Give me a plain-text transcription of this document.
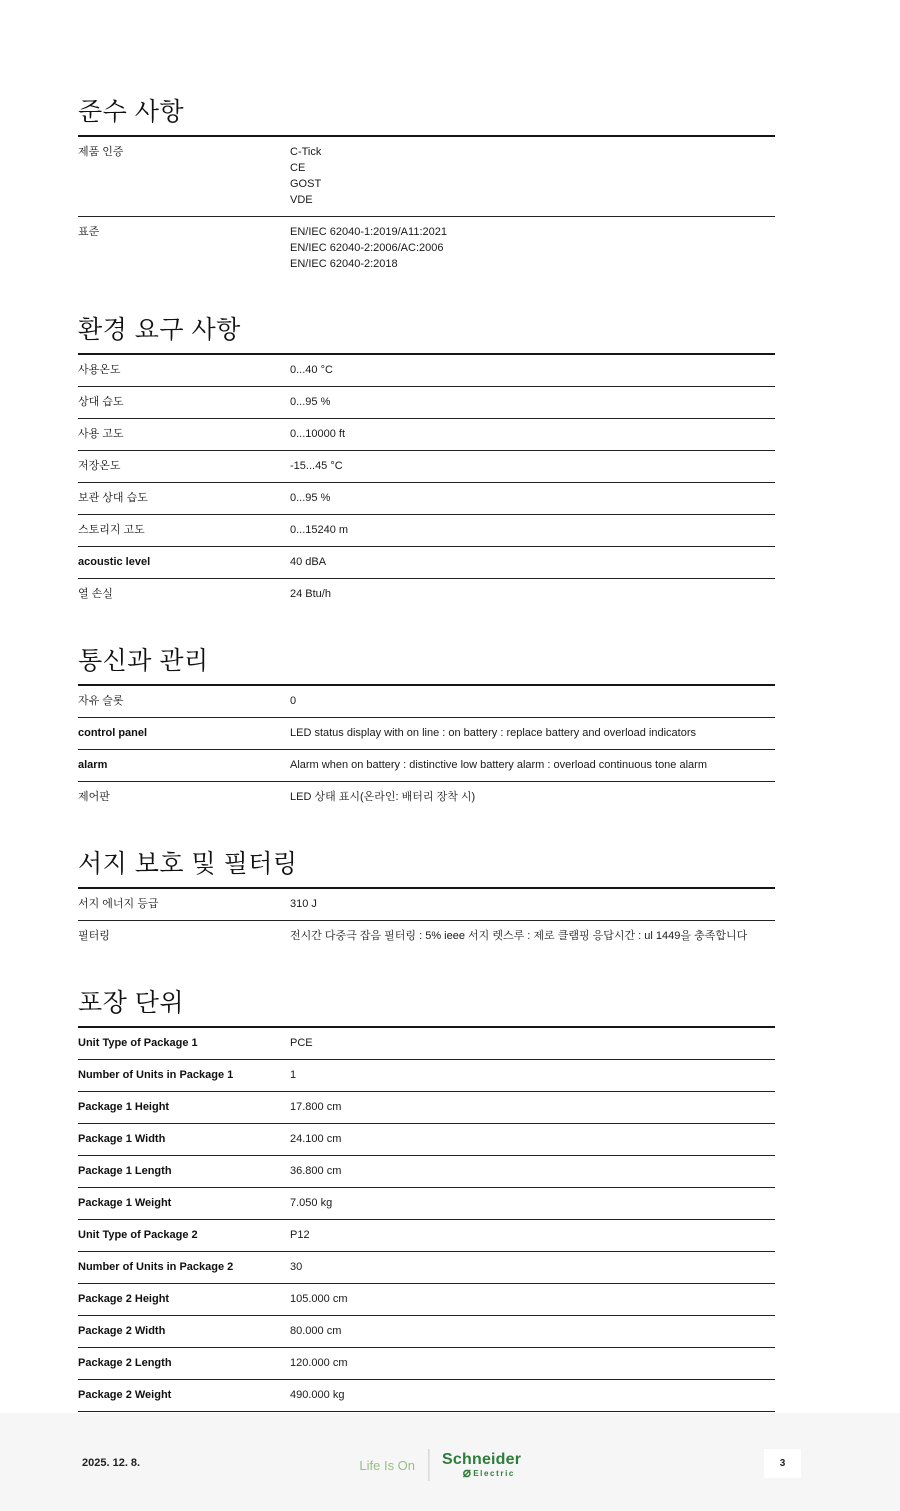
준수 사항
제품 인증	C-Tick
CE
GOST
VDE
표준	EN/IEC 62040-1:2019/A11:2021
EN/IEC 62040-2:2006/AC:2006
EN/IEC 62040-2:2018
환경 요구 사항
사용온도	0...40 °C
상대 습도	0...95 %
사용 고도	0...10000 ft
저장온도	-15...45 °C
보관 상대 습도	0...95 %
스토리지 고도	0...15240 m
acoustic level	40 dBA
열 손실	24 Btu/h
통신과 관리
자유 슬롯	0
control panel	LED status display with on line : on battery : replace battery and overload indicators
alarm	Alarm when on battery : distinctive low battery alarm : overload continuous tone alarm
제어판	LED 상태 표시(온라인: 배터리 장착 시)
서지 보호 및 필터링
서지 에너지 등급	310 J
필터링	전시간 다중극 잡음 필터링 : 5% ieee 서지 렛스루 : 제로 클램핑 응답시간 : ul 1449을 충족합니다
포장 단위
Unit Type of Package 1	PCE
Number of Units in Package 1	1
Package 1 Height	17.800 cm
Package 1 Width	24.100 cm
Package 1 Length	36.800 cm
Package 1 Weight	7.050 kg
Unit Type of Package 2	P12
Number of Units in Package 2	30
Package 2 Height	105.000 cm
Package 2 Width	80.000 cm
Package 2 Length	120.000 cm
Package 2 Weight	490.000 kg
2025. 12. 8.	Life Is On Schneider
Electric
3
